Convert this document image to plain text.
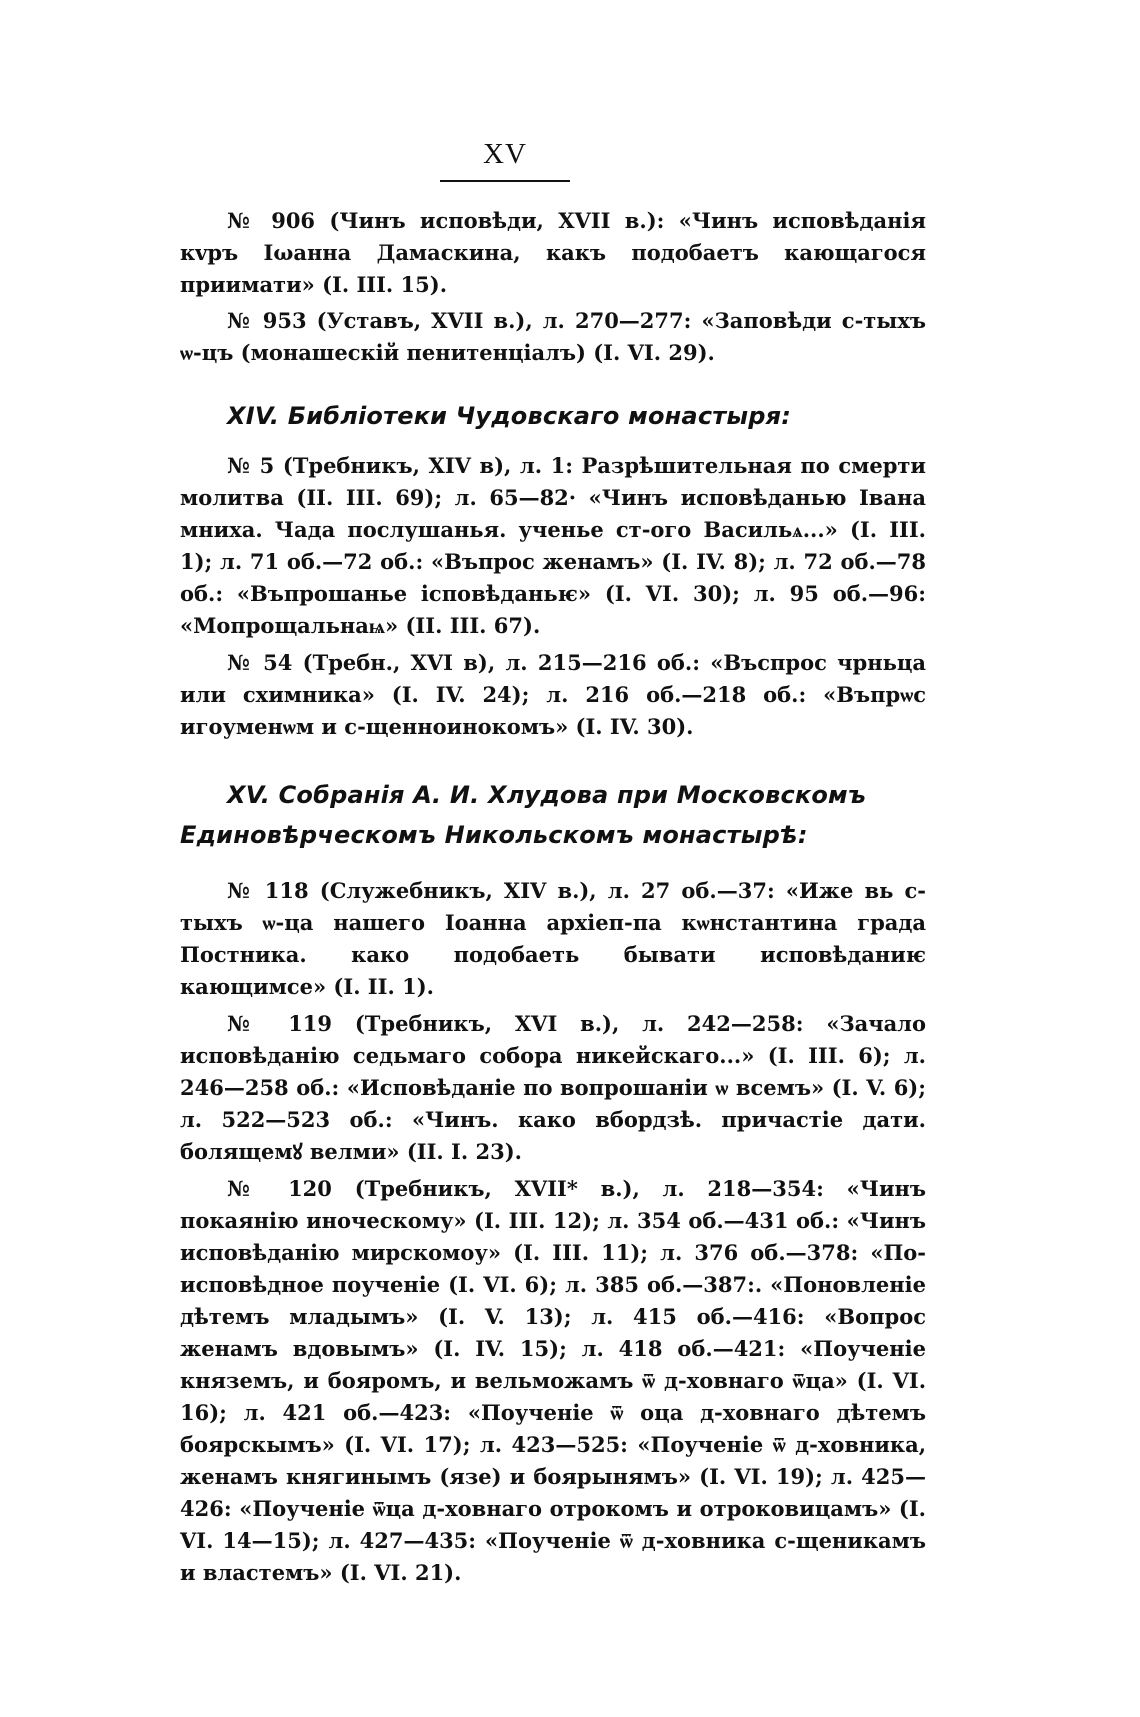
XV

№ 906 (Чинъ исповѣди, XVII в.): «Чинъ исповѣданія кvръ Іωанна Дамаскина, какъ подобаетъ кающагося приимати» (I. III. 15).

№ 953 (Уставъ, XVII в.), л. 270—277: «Заповѣди с-тыхъ ѡ-цъ (монашескій пенитенціалъ) (I. VI. 29).

XIV. Библіотеки Чудовскаго монастыря:

№ 5 (Требникъ, XIV в), л. 1: Разрѣшительная по смерти молитва (II. III. 69); л. 65—82· «Чинъ исповѣданью Івана мниха. Чада послушанья. ученье ст-ого Васильѧ...» (I. III. 1); л. 71 об.—72 об.: «Въпрос женамъ» (I. IV. 8); л. 72 об.—78 об.: «Въпрошанье ісповѣданьѥ» (I. VI. 30); л. 95 об.—96: «Мопрощальнаѩ» (II. III. 67).

№ 54 (Требн., XVI в), л. 215—216 об.: «Въспрос чрньца или схимника» (I. IV. 24); л. 216 об.—218 об.: «Въпрѡс игоуменѡм и с-щенноинокомъ» (I. IV. 30).

XV. Собранія А. И. Хлудова при Московскомъ Единовѣрческомъ Никольскомъ монастырѣ:

№ 118 (Служебникъ, XIV в.), л. 27 об.—37: «Иже вь с-тыхъ ѡ-ца нашего Іоанна архіеп-па кѡнстантина града Постника. како подобаеть бывати исповѣданиѥ кающимсе» (I. II. 1).

№ 119 (Требникъ, XVI в.), л. 242—258: «Зачало исповѣданію седьмаго собора никейскаго...» (I. III. 6); л. 246—258 об.: «Исповѣданіе по вопрошаніи ѡ всемъ» (I. V. 6); л. 522—523 об.: «Чинъ. како вбордзѣ. причастіе дати. болящемꙋ велми» (II. I. 23).

№ 120 (Требникъ, XVII* в.), л. 218—354: «Чинъ покаянію иноческому» (I. III. 12); л. 354 об.—431 об.: «Чинъ исповѣданію мирскомоу» (I. III. 11); л. 376 об.—378: «По-исповѣдное поученіе (I. VI. 6); л. 385 об.—387:. «Поновленіе дѣтемъ младымъ» (I. V. 13); л. 415 об.—416: «Вопрос женамъ вдовымъ» (I. IV. 15); л. 418 об.—421: «Поученіе княземъ, и бояромъ, и вельможамъ ѿ д-ховнаго ѿца» (I. VI. 16); л. 421 об.—423: «Поученіе ѿ оца д-ховнаго дѣтемъ боярскымъ» (I. VI. 17); л. 423—525: «Поученіе ѿ д-ховника, женамъ княгинымъ (язе) и боярынямъ» (I. VI. 19); л. 425—426: «Поученіе ѿца д-ховнаго отрокомъ и отроковицамъ» (I. VI. 14—15); л. 427—435: «Поученіе ѿ д-ховника с-щеникамъ и властемъ» (I. VI. 21).
